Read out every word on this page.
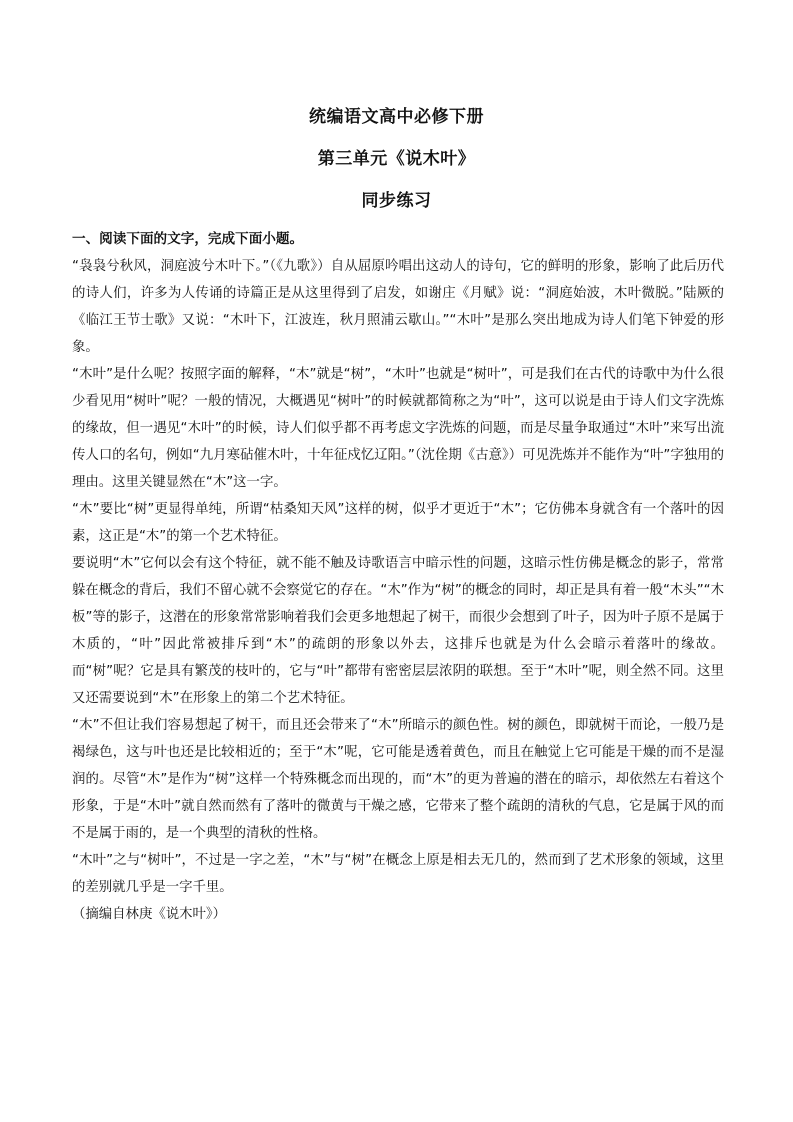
统编语文高中必修下册
第三单元《说木叶》
同步练习

一、阅读下面的文字，完成下面小题。

“袅袅兮秋风，洞庭波兮木叶下。”（《九歌》）自从屈原吟唱出这动人的诗句，它的鲜明的形象，影响了此后历代的诗人们，许多为人传诵的诗篇正是从这里得到了启发，如谢庄《月赋》说：“洞庭始波，木叶微脱。”陆厥的《临江王节士歌》又说：“木叶下，江波连，秋月照浦云歇山。”“木叶”是那么突出地成为诗人们笔下钟爱的形象。

“木叶”是什么呢？按照字面的解释，“木”就是“树”，“木叶”也就是“树叶”，可是我们在古代的诗歌中为什么很少看见用“树叶”呢？一般的情况，大概遇见“树叶”的时候就都简称之为“叶”，这可以说是由于诗人们文字洗炼的缘故，但一遇见“木叶”的时候，诗人们似乎都不再考虑文字洗炼的问题，而是尽量争取通过“木叶”来写出流传人口的名句，例如“九月寒砧催木叶，十年征戍忆辽阳。”（沈佺期《古意》）可见洗炼并不能作为“叶”字独用的理由。这里关键显然在“木”这一字。

“木”要比“树”更显得单纯，所谓“枯桑知天风”这样的树，似乎才更近于“木”；它仿佛本身就含有一个落叶的因素，这正是“木”的第一个艺术特征。

要说明“木”它何以会有这个特征，就不能不触及诗歌语言中暗示性的问题，这暗示性仿佛是概念的影子，常常躲在概念的背后，我们不留心就不会察觉它的存在。“木”作为“树”的概念的同时，却正是具有着一般“木头”“木板”等的影子，这潜在的形象常常影响着我们会更多地想起了树干，而很少会想到了叶子，因为叶子原不是属于木质的，“叶”因此常被排斥到“木”的疏朗的形象以外去，这排斥也就是为什么会暗示着落叶的缘故。而“树”呢？它是具有繁茂的枝叶的，它与“叶”都带有密密层层浓阴的联想。至于“木叶”呢，则全然不同。这里又还需要说到“木”在形象上的第二个艺术特征。

“木”不但让我们容易想起了树干，而且还会带来了“木”所暗示的颜色性。树的颜色，即就树干而论，一般乃是褐绿色，这与叶也还是比较相近的；至于“木”呢，它可能是透着黄色，而且在触觉上它可能是干燥的而不是湿润的。尽管“木”是作为“树”这样一个特殊概念而出现的，而“木”的更为普遍的潜在的暗示，却依然左右着这个形象，于是“木叶”就自然而然有了落叶的微黄与干燥之感，它带来了整个疏朗的清秋的气息，它是属于风的而不是属于雨的，是一个典型的清秋的性格。

“木叶”之与“树叶”，不过是一字之差，“木”与“树”在概念上原是相去无几的，然而到了艺术形象的领域，这里的差别就几乎是一字千里。

（摘编自林庚《说木叶》）
